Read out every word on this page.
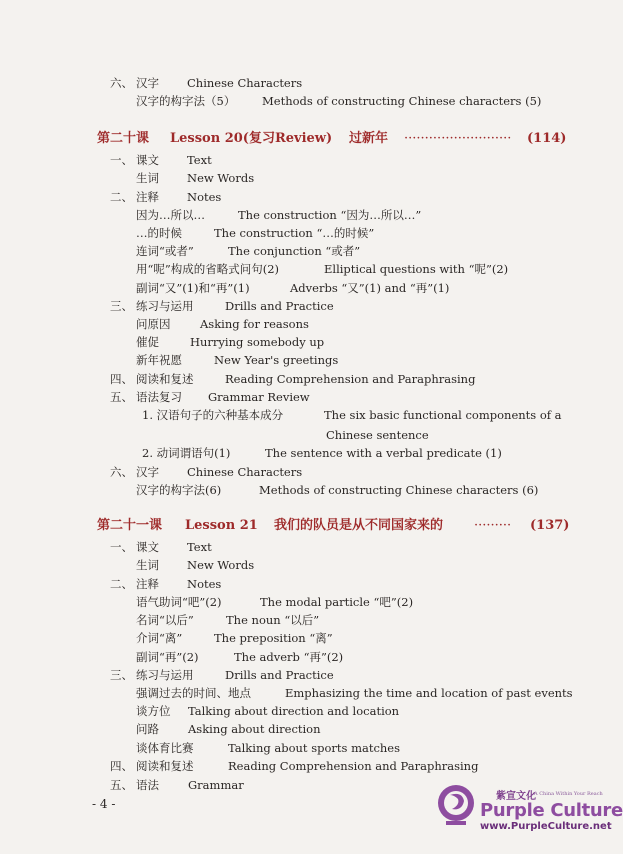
六、 汉字 Chinese Characters
汉字的构字法（5） Methods of constructing Chinese characters (5)
第二十课 Lesson 20(复习Review) 过新年 ·························· (114)
一、 课文 Text
生词 New Words
二、 注释 Notes
因为…所以…	The construction “因为…所以…”
…的时候	The construction “…的时候”
连词“或者”	The conjunction “或者”
用“呢”构成的省略式问句(2)	Elliptical questions with “呢”(2)
副词“又”(1)和“再”(1)	Adverbs “又”(1) and “再”(1)
三、 练习与运用	Drills and Practice
问原因	Asking for reasons
催促	Hurrying somebody up
新年祝愿	New Year's greetings
四、 阅读和复述	Reading Comprehension and Paraphrasing
五、 语法复习 Grammar Review
1. 汉语句子的六种基本成分	The six basic functional components of a
Chinese sentence
2. 动词谓语句(1)	The sentence with a verbal predicate (1)
六、 汉字 Chinese Characters
汉字的构字法(6)	Methods of constructing Chinese characters (6)
第二十一课 Lesson 21 我们的队员是从不同国家来的 ········· (137)
一、 课文 Text
生词 New Words
二、 注释 Notes
语气助词“吧”(2)	The modal particle “吧”(2)
名词“以后”	The noun “以后”
介词“离”	The preposition “离”
副词“再”(2)	The adverb “再”(2)
三、 练习与运用	Drills and Practice
强调过去的时间、地点	Emphasizing the time and location of past events
谈方位 Talking about direction and location
问路	Asking about direction
谈体育比赛	Talking about sports matches
四、 阅读和复述	Reading Comprehension and Paraphrasing
五、 语法	Grammar
- 4 -
紫宣文化
A China Within Your Reach
Purple Culture
www.PurpleCulture.net
